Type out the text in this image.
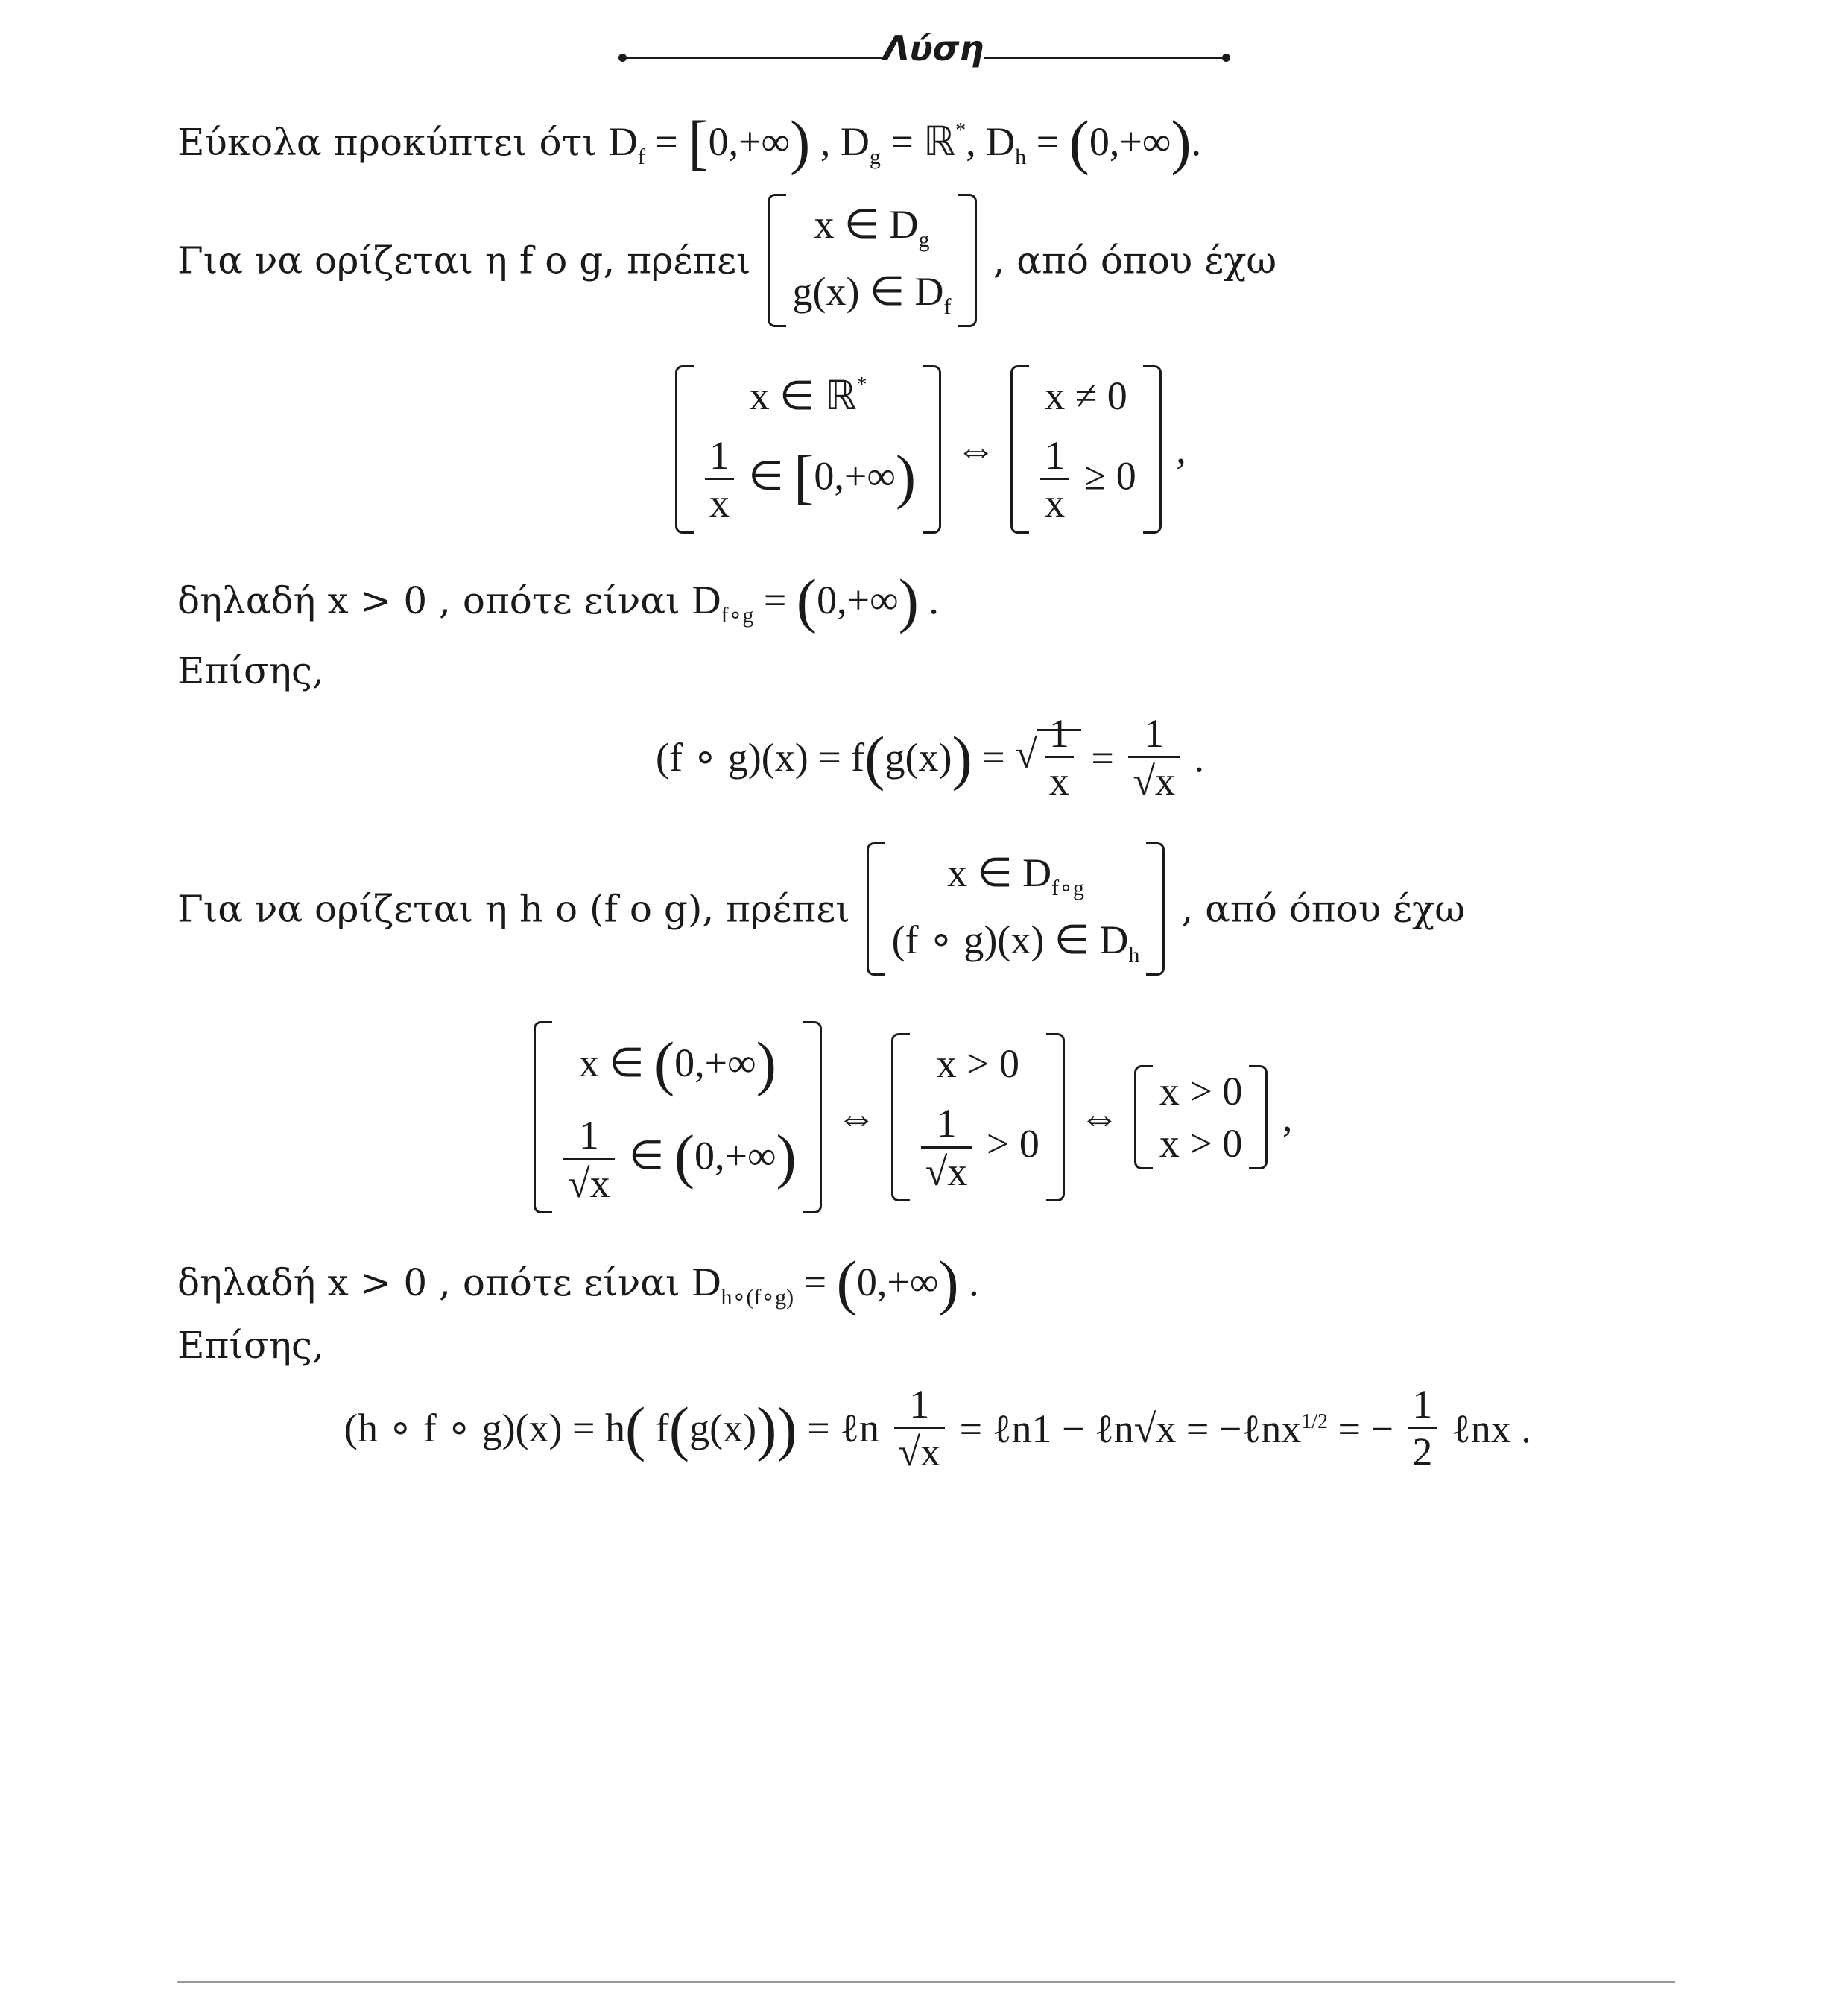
Λύση
Εύκολα προκύπτει ότι $D_f = [0,+\infty)$ , $D_g$ = ℝ*, $D_h = (0,+\infty)$.
Για να ορίζεται η f o g, πρέπει
x ∈ $D_g$
g(x) ∈ $D_f$
, από όπου έχω
x ∈ ℝ*
$\frac{1}{x}$ ∈ [0,+∞) ⇔
x ≠ 0
$\frac{1}{x} \ge 0$
,
δηλαδή x > 0 , οπότε είναι $D_{f\circ g} = (0,+\infty)$ .
Επίσης,
(f ∘ g)(x) = f(g(x)) = √ $\frac{1}{x} = \frac{1}{√x}$ .
Για να ορίζεται η h o (f o g), πρέπει
x ∈ $D_{f\circ g}$
(f ∘ g)(x) ∈ $D_h$
, από όπου έχω
x ∈ (0,+∞)
$\frac{1}{√x}$ ∈ (0,+∞)
⇔
x > 0
$\frac{1}{√x} > 0$
⇔
x > 0
x > 0
,
δηλαδή x > 0 , οπότε είναι $D_{h\circ(f\circ g)} = (0,+\infty)$ .
Επίσης,
(h ∘ f ∘ g)(x) = h( f(g(x))) = ℓn $\frac{1}{√x}$ = ℓn1 − ℓn√x = −ℓnx$^{1/2}$ = − $\frac{1}{2}$ ℓnx .
